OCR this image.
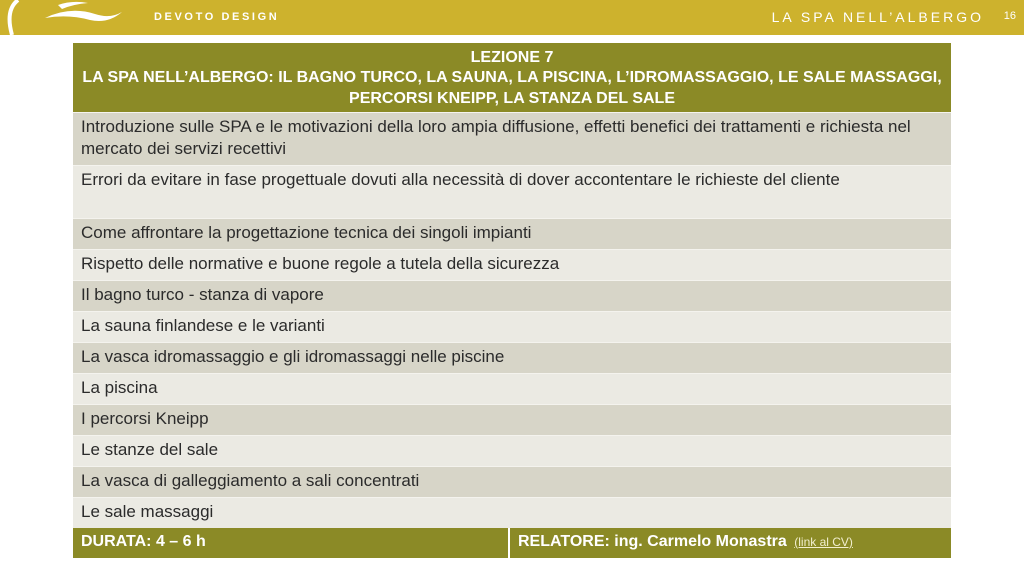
DEVOTO DESIGN	LA SPA NELL’ALBERGO 16
LEZIONE 7
LA SPA NELL’ALBERGO: IL BAGNO TURCO, LA SAUNA, LA PISCINA, L’IDROMASSAGGIO, LE SALE MASSAGGI, PERCORSI KNEIPP, LA STANZA DEL SALE
Introduzione sulle SPA e le motivazioni della loro ampia diffusione, effetti benefici dei trattamenti e richiesta nel mercato dei servizi recettivi
Errori da evitare in fase progettuale dovuti alla necessità di dover accontentare le richieste del cliente
Come affrontare la progettazione tecnica dei singoli impianti
Rispetto delle normative e buone regole a tutela della sicurezza
Il bagno turco - stanza di vapore
La sauna finlandese e le varianti
La vasca idromassaggio e gli idromassaggi nelle piscine
La piscina
I percorsi Kneipp
Le stanze del sale
La vasca di galleggiamento a sali concentrati
Le sale massaggi
DURATA: 4 – 6 h	RELATORE: ing. Carmelo Monastra (link al CV)
